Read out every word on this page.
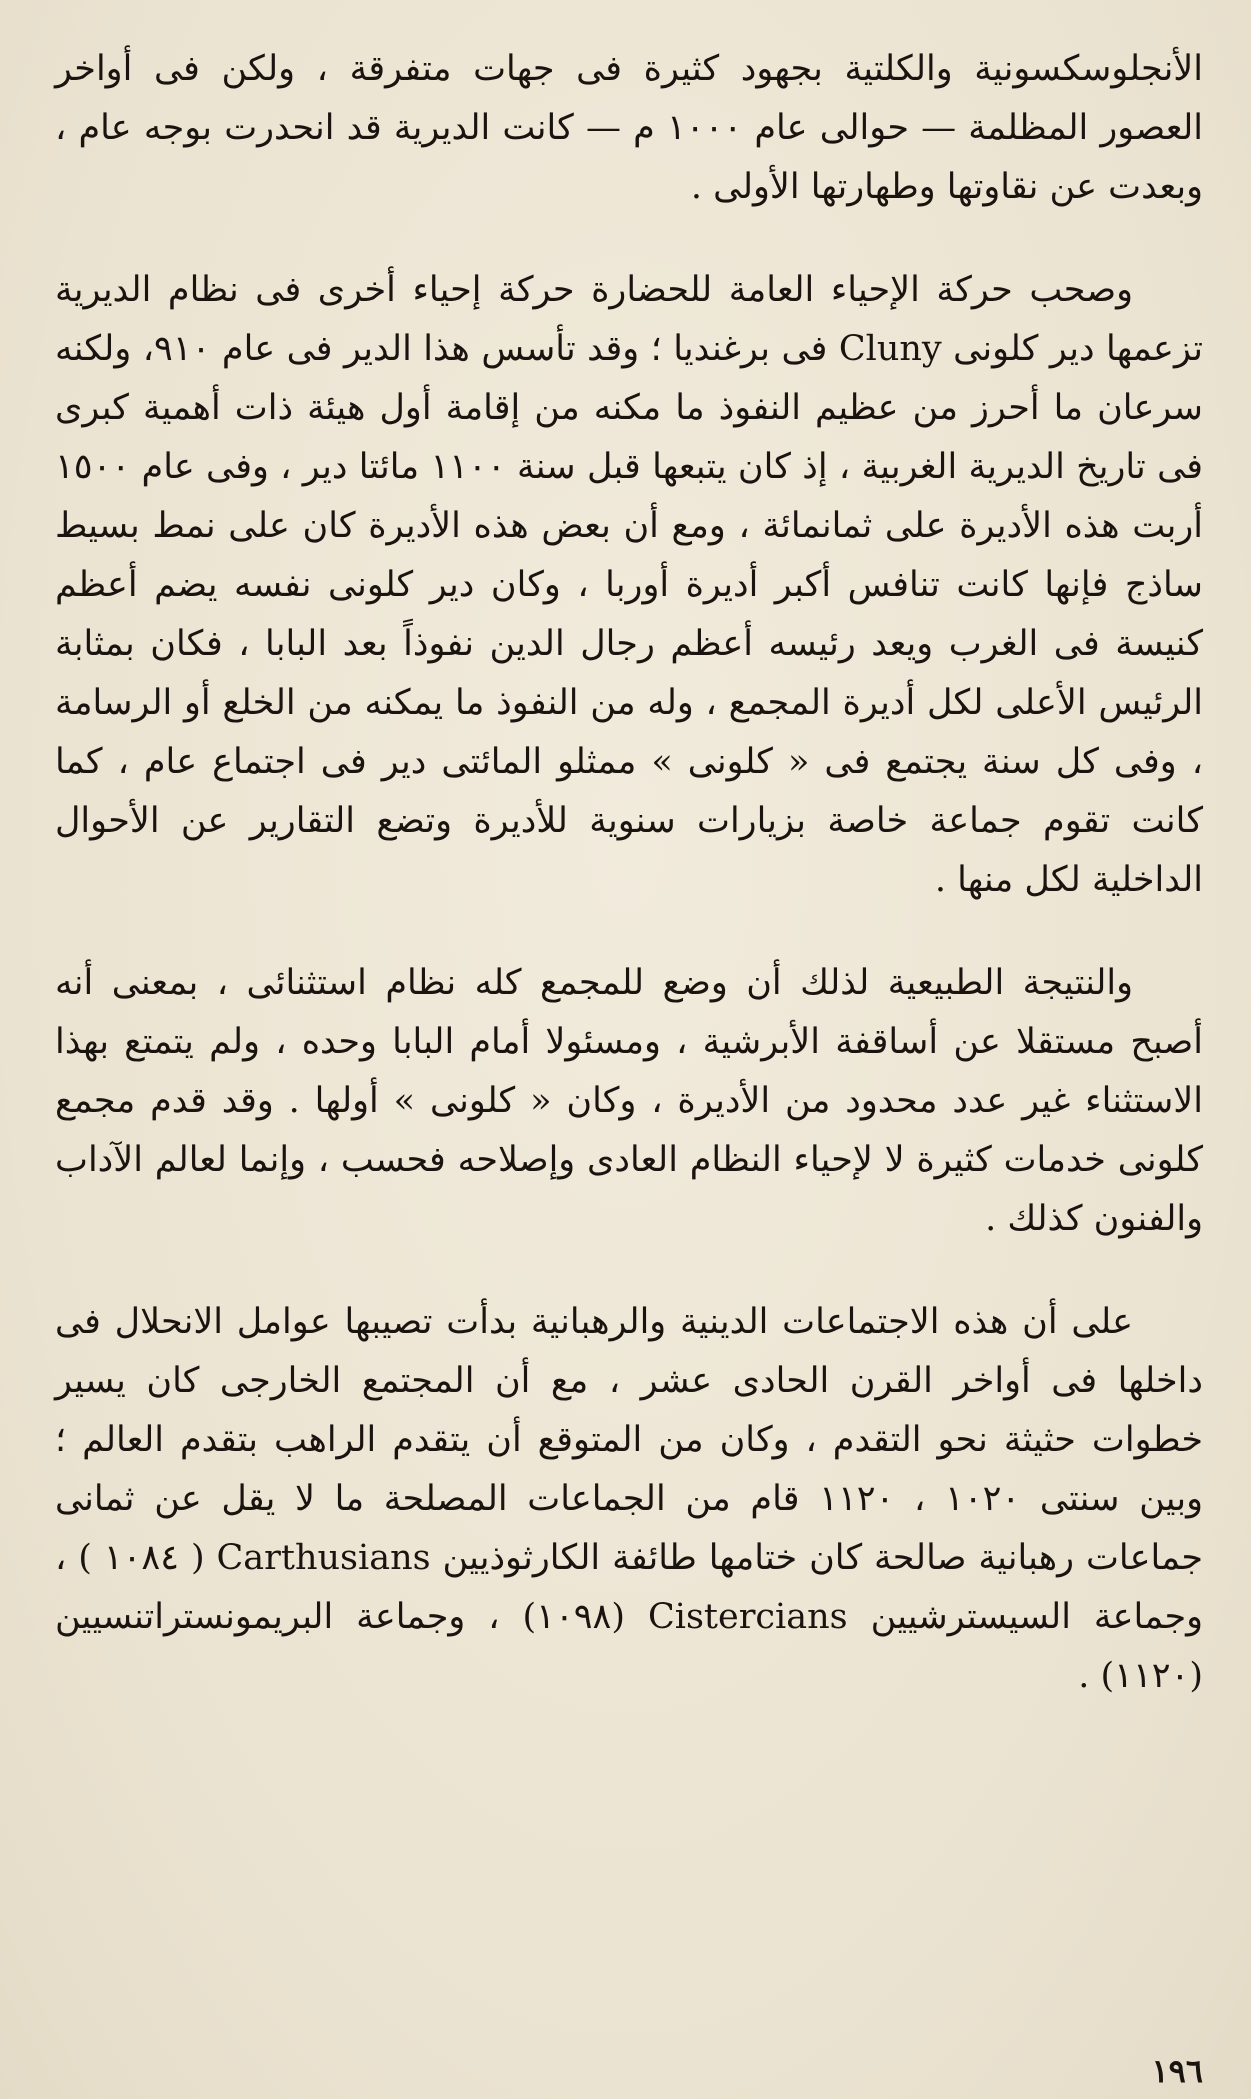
الأنجلوسكسونية والكلتية بجهود كثيرة فى جهات متفرقة ، ولكن فى أواخر العصور المظلمة — حوالى عام ١٠٠٠ م — كانت الديرية قد انحدرت بوجه عام ، وبعدت عن نقاوتها وطهارتها الأولى .

وصحب حركة الإحياء العامة للحضارة حركة إحياء أخرى فى نظام الديرية تزعمها دير كلونى Cluny فى برغنديا ؛ وقد تأسس هذا الدير فى عام ٩١٠، ولكنه سرعان ما أحرز من عظيم النفوذ ما مكنه من إقامة أول هيئة ذات أهمية كبرى فى تاريخ الديرية الغربية ، إذ كان يتبعها قبل سنة ١١٠٠ مائتا دير ، وفى عام ١٥٠٠ أربت هذه الأديرة على ثمانمائة ، ومع أن بعض هذه الأديرة كان على نمط بسيط ساذج فإنها كانت تنافس أكبر أديرة أوربا ، وكان دير كلونى نفسه يضم أعظم كنيسة فى الغرب ويعد رئيسه أعظم رجال الدين نفوذاً بعد البابا ، فكان بمثابة الرئيس الأعلى لكل أديرة المجمع ، وله من النفوذ ما يمكنه من الخلع أو الرسامة ، وفى كل سنة يجتمع فى « كلونى » ممثلو المائتى دير فى اجتماع عام ، كما كانت تقوم جماعة خاصة بزيارات سنوية للأديرة وتضع التقارير عن الأحوال الداخلية لكل منها .

والنتيجة الطبيعية لذلك أن وضع للمجمع كله نظام استثنائى ، بمعنى أنه أصبح مستقلا عن أساقفة الأبرشية ، ومسئولا أمام البابا وحده ، ولم يتمتع بهذا الاستثناء غير عدد محدود من الأديرة ، وكان « كلونى » أولها . وقد قدم مجمع كلونى خدمات كثيرة لا لإحياء النظام العادى وإصلاحه فحسب ، وإنما لعالم الآداب والفنون كذلك .

على أن هذه الاجتماعات الدينية والرهبانية بدأت تصيبها عوامل الانحلال فى داخلها فى أواخر القرن الحادى عشر ، مع أن المجتمع الخارجى كان يسير خطوات حثيثة نحو التقدم ، وكان من المتوقع أن يتقدم الراهب بتقدم العالم ؛ وبين سنتى ١٠٢٠ ، ١١٢٠ قام من الجماعات المصلحة ما لا يقل عن ثمانى جماعات رهبانية صالحة كان ختامها طائفة الكارثوذيين Carthusians ( ١٠٨٤ ) ، وجماعة السيسترشيين Cistercians (١٠٩٨) ، وجماعة البريمونستراتنسيين (١١٢٠) .

١٩٦
